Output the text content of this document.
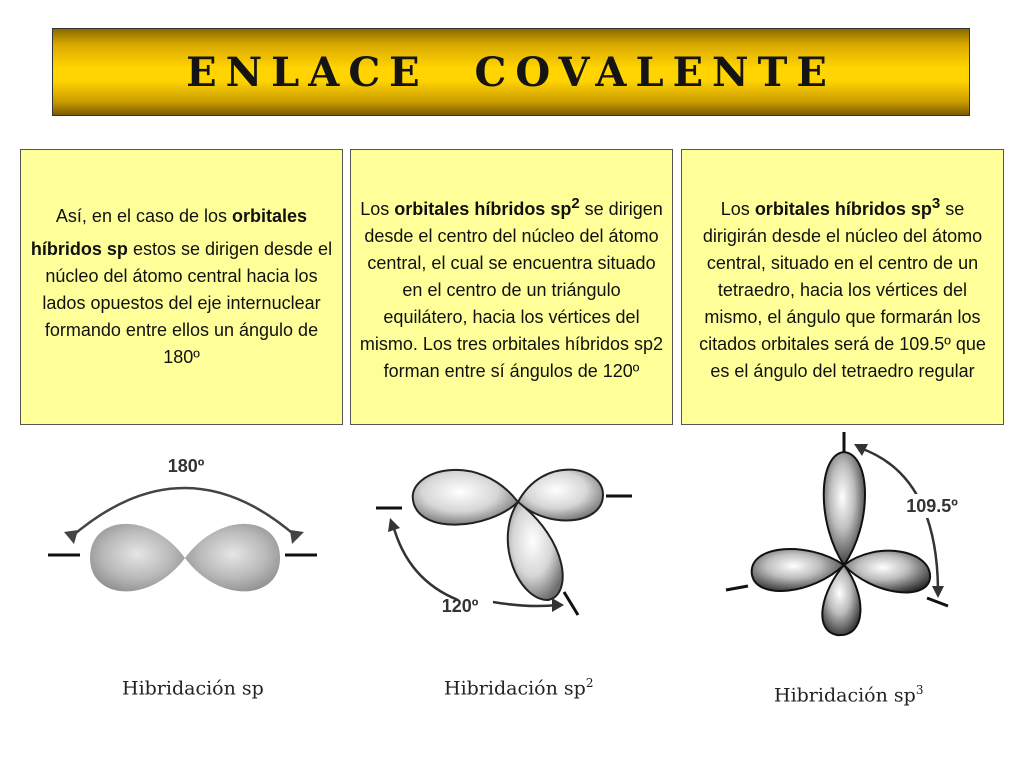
ENLACE  COVALENTE

Así, en el caso de los orbitales híbridos sp estos se dirigen desde el núcleo del átomo central hacia los lados opuestos del eje internuclear formando entre ellos un ángulo de 180º

Los orbitales híbridos $sp^2$ se dirigen desde el centro del núcleo del átomo central, el cual se encuentra situado en el centro de un triángulo equilátero, hacia los vértices del mismo. Los tres orbitales híbridos sp2 forman entre sí ángulos de 120º

Los orbitales híbridos $sp^3$ se dirigirán desde el núcleo del átomo central, situado en el centro de un tetraedro, hacia los vértices del mismo, el ángulo que formarán los citados orbitales será de 109.5º que es el ángulo del tetraedro regular

180º
Hibridación sp
120º
Hibridación $sp^2$
109.5º
Hibridación $sp^3$
